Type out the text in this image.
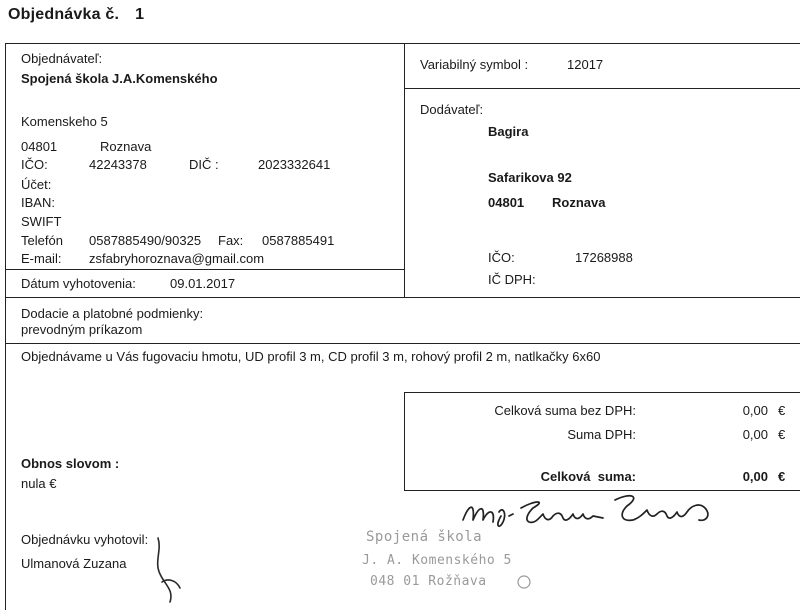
Objednávka č. 1
Objednávateľ:
Spojená škola J.A.Komenského
Komenskeho 5
04801	Roznava
IČO:	42243378	DIČ :	2023332641
Účet:
IBAN:
SWIFT
Telefón 0587885490/90325 Fax: 0587885491
E-mail: zsfabryhoroznava@gmail.com
Dátum vyhotovenia:	09.01.2017
Variabilný symbol :	12017
Dodávateľ:
Bagira
Safarikova 92
04801 Roznava
IČO:	17268988
IČ DPH:
Dodacie a platobné podmienky:
prevodným príkazom
Objednávame u Vás fugovaciu hmotu, UD profil 3 m, CD profil 3 m, rohový profil 2 m, natlkačky 6x60
Celková suma bez DPH:	0,00 €
Suma DPH:	0,00 €
Celková  suma:	0,00 €
Obnos slovom :
nula €
Objednávku vyhotovil:
Ulmanová Zuzana
Spojená škola
J. A. Komenského 5
048 01 Rožňava
